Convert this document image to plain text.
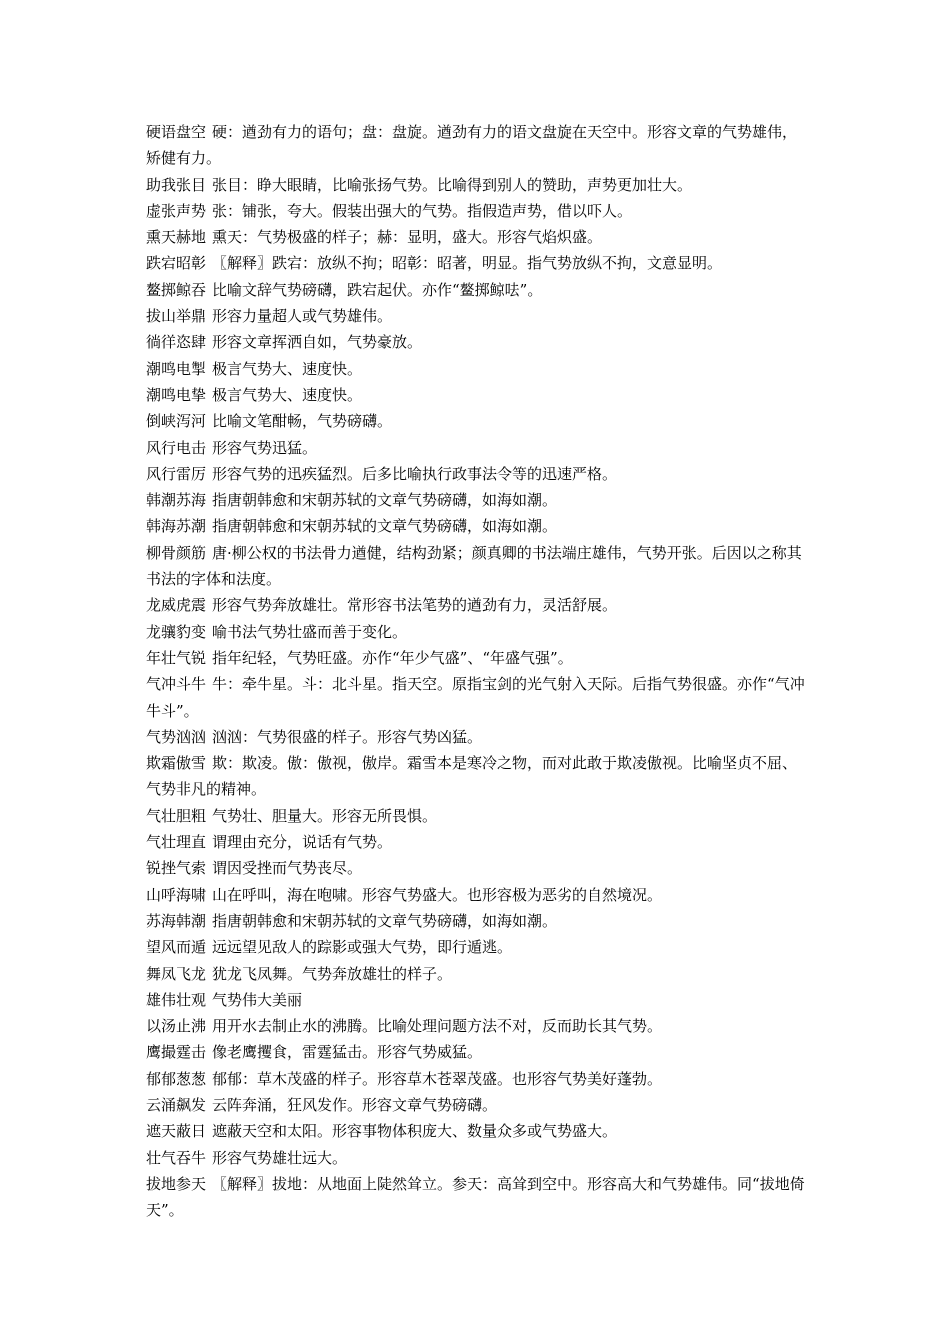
硬语盘空 硬：遒劲有力的语句；盘：盘旋。遒劲有力的语文盘旋在天空中。形容文章的气势雄伟，矫健有力。

助我张目 张目：睁大眼睛，比喻张扬气势。比喻得到别人的赞助，声势更加壮大。

虚张声势 张：铺张，夸大。假装出强大的气势。指假造声势，借以吓人。

熏天赫地 熏天：气势极盛的样子；赫：显明，盛大。形容气焰炽盛。

跌宕昭彰 〖解释〗跌宕：放纵不拘；昭彰：昭著，明显。指气势放纵不拘，文意显明。

鳌掷鲸吞 比喻文辞气势磅礴，跌宕起伏。亦作“鳌掷鲸呿”。

拔山举鼎 形容力量超人或气势雄伟。

徜徉恣肆 形容文章挥洒自如，气势豪放。

潮鸣电掣 极言气势大、速度快。

潮鸣电挚 极言气势大、速度快。

倒峡泻河 比喻文笔酣畅，气势磅礴。

风行电击 形容气势迅猛。

风行雷厉 形容气势的迅疾猛烈。后多比喻执行政事法令等的迅速严格。

韩潮苏海 指唐朝韩愈和宋朝苏轼的文章气势磅礴，如海如潮。

韩海苏潮 指唐朝韩愈和宋朝苏轼的文章气势磅礴，如海如潮。

柳骨颜筋 唐·柳公权的书法骨力遒健，结构劲紧；颜真卿的书法端庄雄伟，气势开张。后因以之称其书法的字体和法度。

龙威虎震 形容气势奔放雄壮。常形容书法笔势的遒劲有力，灵活舒展。

龙骧豹变 喻书法气势壮盛而善于变化。

年壮气锐 指年纪轻，气势旺盛。亦作“年少气盛”、“年盛气强”。

气冲斗牛 牛：牵牛星。斗：北斗星。指天空。原指宝剑的光气射入天际。后指气势很盛。亦作“气冲牛斗”。

气势汹汹 汹汹：气势很盛的样子。形容气势凶猛。

欺霜傲雪 欺：欺凌。傲：傲视，傲岸。霜雪本是寒冷之物，而对此敢于欺凌傲视。比喻坚贞不屈、气势非凡的精神。

气壮胆粗 气势壮、胆量大。形容无所畏惧。

气壮理直 谓理由充分，说话有气势。

锐挫气索 谓因受挫而气势丧尽。

山呼海啸 山在呼叫，海在咆啸。形容气势盛大。也形容极为恶劣的自然境况。

苏海韩潮 指唐朝韩愈和宋朝苏轼的文章气势磅礴，如海如潮。

望风而遁 远远望见敌人的踪影或强大气势，即行遁逃。

舞凤飞龙 犹龙飞凤舞。气势奔放雄壮的样子。

雄伟壮观 气势伟大美丽

以汤止沸 用开水去制止水的沸腾。比喻处理问题方法不对，反而助长其气势。

鹰撮霆击 像老鹰攫食，雷霆猛击。形容气势威猛。

郁郁葱葱 郁郁：草木茂盛的样子。形容草木苍翠茂盛。也形容气势美好蓬勃。

云涌飙发 云阵奔涌，狂风发作。形容文章气势磅礴。

遮天蔽日 遮蔽天空和太阳。形容事物体积庞大、数量众多或气势盛大。

壮气吞牛 形容气势雄壮远大。

拔地参天 〖解释〗拔地：从地面上陡然耸立。参天：高耸到空中。形容高大和气势雄伟。同“拔地倚天”。
